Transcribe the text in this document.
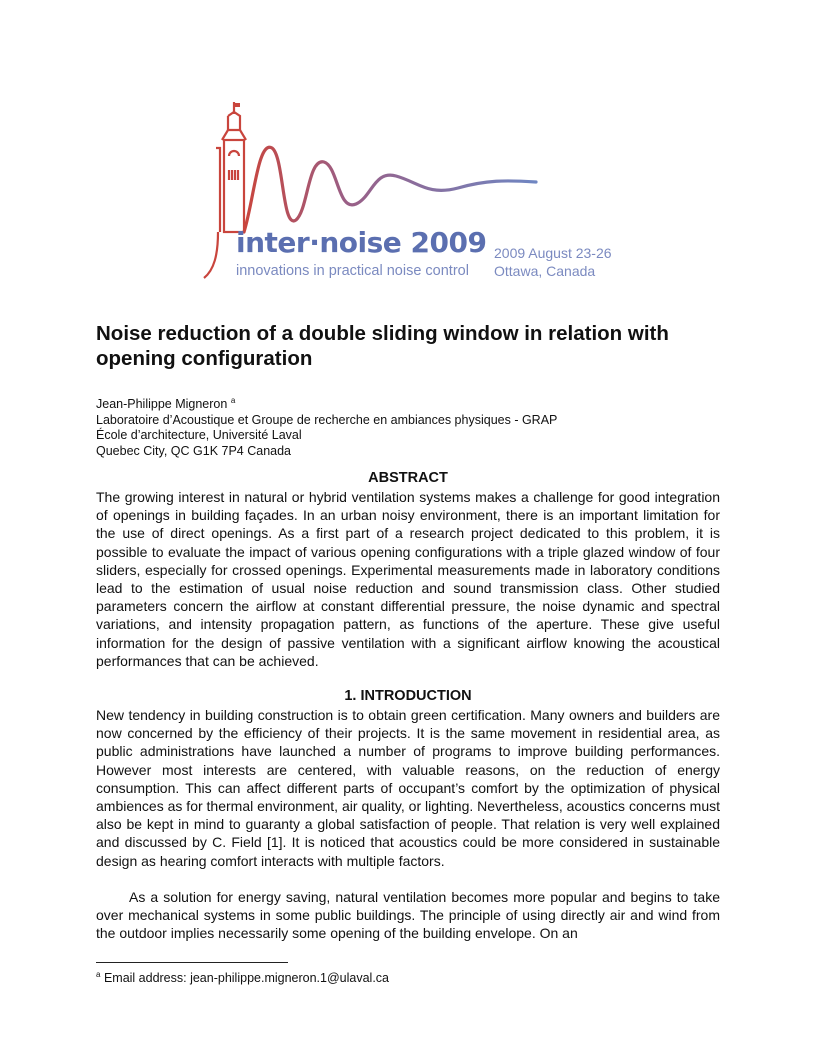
inter·noise 2009
innovations in practical noise control
2009 August 23-26
Ottawa, Canada
Noise reduction of a double sliding window in relation with opening configuration
Jean-Philippe Migneron $^a$
Laboratoire d’Acoustique et Groupe de recherche en ambiances physiques - GRAP
École d’architecture, Université Laval
Quebec City, QC G1K 7P4 Canada
ABSTRACT

The growing interest in natural or hybrid ventilation systems makes a challenge for good integration of openings in building façades. In an urban noisy environment, there is an important limitation for the use of direct openings. As a first part of a research project dedicated to this problem, it is possible to evaluate the impact of various opening configurations with a triple glazed window of four sliders, especially for crossed openings. Experimental measurements made in laboratory conditions lead to the estimation of usual noise reduction and sound transmission class. Other studied parameters concern the airflow at constant differential pressure, the noise dynamic and spectral variations, and intensity propagation pattern, as functions of the aperture. These give useful information for the design of passive ventilation with a significant airflow knowing the acoustical performances that can be achieved.

1. INTRODUCTION

New tendency in building construction is to obtain green certification. Many owners and builders are now concerned by the efficiency of their projects. It is the same movement in residential area, as public administrations have launched a number of programs to improve building performances. However most interests are centered, with valuable reasons, on the reduction of energy consumption. This can affect different parts of occupant’s comfort by the optimization of physical ambiences as for thermal environment, air quality, or lighting. Nevertheless, acoustics concerns must also be kept in mind to guaranty a global satisfaction of people. That relation is very well explained and discussed by C. Field [1]. It is noticed that acoustics could be more considered in sustainable design as hearing comfort interacts with multiple factors.

As a solution for energy saving, natural ventilation becomes more popular and begins to take over mechanical systems in some public buildings. The principle of using directly air and wind from the outdoor implies necessarily some opening of the building envelope. On an

$^a$ Email address: jean-philippe.migneron.1@ulaval.ca
